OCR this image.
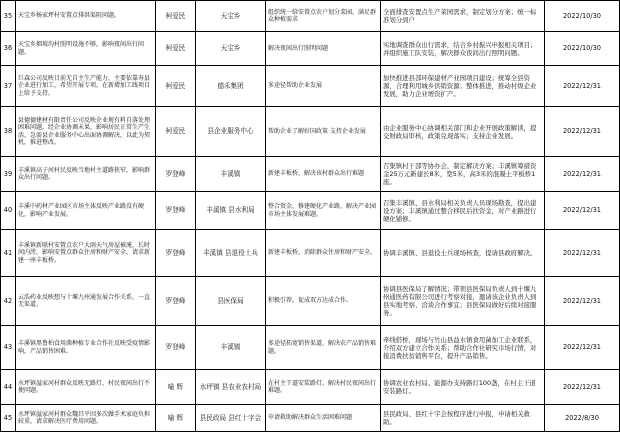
35	天宝乡杨家坪村安置点排洪渠阻问题。	柯爱民	天宝乡	组织统一给安置点农户划分菜园，满足群众种植需求	全面排查安置点生产菜园需求，制定划分方案；统一标准划分到户	2022/10/30
36	天宝乡烟坡沟村照明设施不够，影响夜间出行问题。	柯爱民	天宝乡	解决夜间出行照明问题	实地调查群众出行需求，结合乡村振兴申报相关项目；并组织施工队安装，解决群众夜间出行照明问题。	2022/10/30
37	巨森公司反映目前无自主生产能力，主要依靠寿县企业进行加工，希望开展专项，在新增加工线项目上给予支持。	柯爱民	德禾集团	多途径帮助企业发展	加快推进县部环保建材产业园项目建设；统筹全县资源，合理利用城乡供销资源；整体推进，推动村级企业发展，助力企业增资扩产。	2022/12/31
38	县德德建材有限责任公司反映企业规有料自落处理困难问题，经企业协调未果，影响居民正常生产生活，急需县企业服务中心出面协调解决，以此为契机，推进整改。	柯爱民	县企业服务中心	帮助企业了解好国政策 支持企业发展	由企业服务中心协调相关部门和企业开展政策解读，提交财政局审核，政策兑现落实；支持企业发展。	2022/12/31
39	丰溪镇高子河村民反映当地村主道路狭窄，影响群众出行问题。	罗登峰	丰溪镇	新建丰板桥，解决该村群众出行难题	召集镇村干部等协办会，制定解决方案；丰溪镇筹措资金25万元新建长8米，宽5米，高3米的混凝土平板桥1座。	2022/12/31
40	丰溪中药材产业园区市场主体反映产业路没有硬化，影响产业发展。	罗登峰	丰溪镇 县水利局	整合资金，修建硬化产业路，解决产业园市场主体发展难题。	召集丰溪镇、县水利局相关负责人员现场勘查，提出建设方案；丰溪镇通过整合移民后扶资金，对产业路进行硬化铺修。	2022/12/31
41	丰溪镇新联村安置点农户大雨天气房屋被淹，长时间内涝，影响安置点群众住房和财产安全，请求新建一座丰板桥。	罗登峰	丰溪镇 县退役士兵	新建丰板桥，消除群众住房和财产安全。	协调丰溪镇、县退役士兵现场核查，提请县政府解决。	2022/12/31
42	云浩药业反映想与十堰九州通发展合作关系，一直无渠道。	罗登峰	县医保局	积极引荐，促成双方达成合作。	协调县医保局了解情况；带领县医保局负责人到十堰九州通医药有限公司进行考察对接，邀请该企业负责人到县实地考察、洽谈合作事宜；县医保局做好后续对接服务。	2022/12/31
43	丰溪镇黑鲁柏食用菌种植专业合作社反映受疫情影响，产品销售困难。	罗登峰	丰溪镇	多途径拓宽销售渠道，解决农产品销售难题。	牵线搭桥，现场与竹山县益水镇食用菌加工企业联系，介绍双方建立合作关系；帮助合作社研究市场行情，对接消费扶贫销售平台，提升产品销售。	2022/12/31
44	水坪镇溢家河村群众反映无路灯，村民夜间出行不便问题。	喻 辉	水坪镇 县农业农村局	在村主干道安装路灯，解决村民夜间出行难题。	协调农业农村局、能源办支持路灯100盏，在村主干道安装路灯。	2022/12/31
45	水坪镇溢家河村群众魏昌平因多次做手术家庭负担较重，请求解决医疗费用问题。	喻 辉	县民政局 县红十字会	申请救助解决群众生活困难问题	县民政局、县红十字会按程序进行申报，申请相关救助。	2022/8/30
